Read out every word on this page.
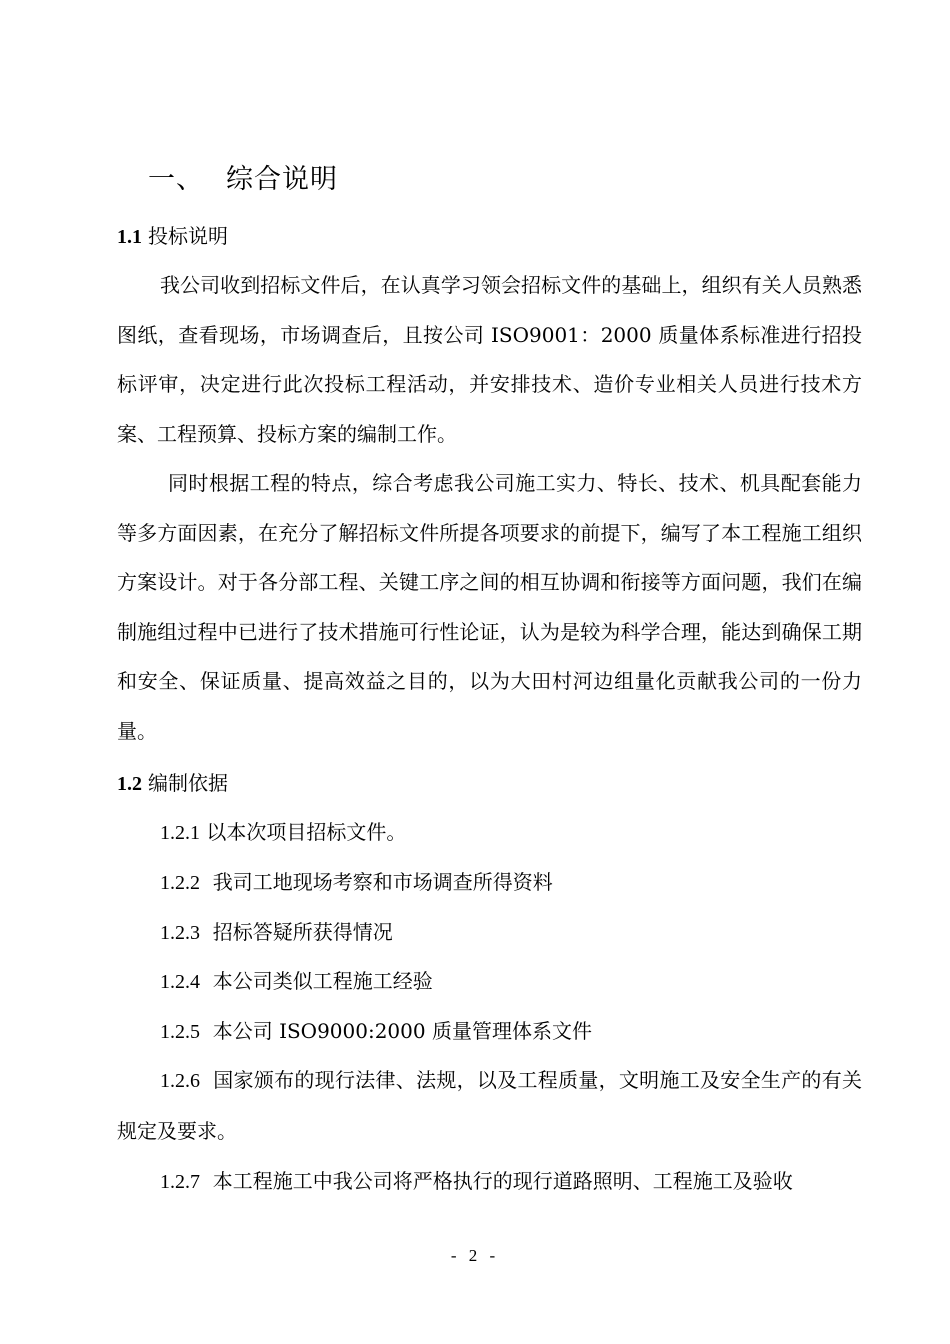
一、 综合说明
1.1 投标说明

我公司收到招标文件后，在认真学习领会招标文件的基础上，组织有关人员熟悉图纸，查看现场，市场调查后，且按公司 ISO9001：2000 质量体系标准进行招投标评审，决定进行此次投标工程活动，并安排技术、造价专业相关人员进行技术方案、工程预算、投标方案的编制工作。

同时根据工程的特点，综合考虑我公司施工实力、特长、技术、机具配套能力等多方面因素，在充分了解招标文件所提各项要求的前提下，编写了本工程施工组织方案设计。对于各分部工程、关键工序之间的相互协调和衔接等方面问题，我们在编制施组过程中已进行了技术措施可行性论证，认为是较为科学合理，能达到确保工期和安全、保证质量、提高效益之目的，以为大田村河边组量化贡献我公司的一份力量。

1.2 编制依据
1.2.1 以本次项目招标文件。
1.2.2 我司工地现场考察和市场调查所得资料
1.2.3 招标答疑所获得情况
1.2.4 本公司类似工程施工经验
1.2.5 本公司 ISO9000:2000 质量管理体系文件

1.2.6 国家颁布的现行法律、法规，以及工程质量，文明施工及安全生产的有关规定及要求。

1.2.7 本工程施工中我公司将严格执行的现行道路照明、工程施工及验收
- 2 -
